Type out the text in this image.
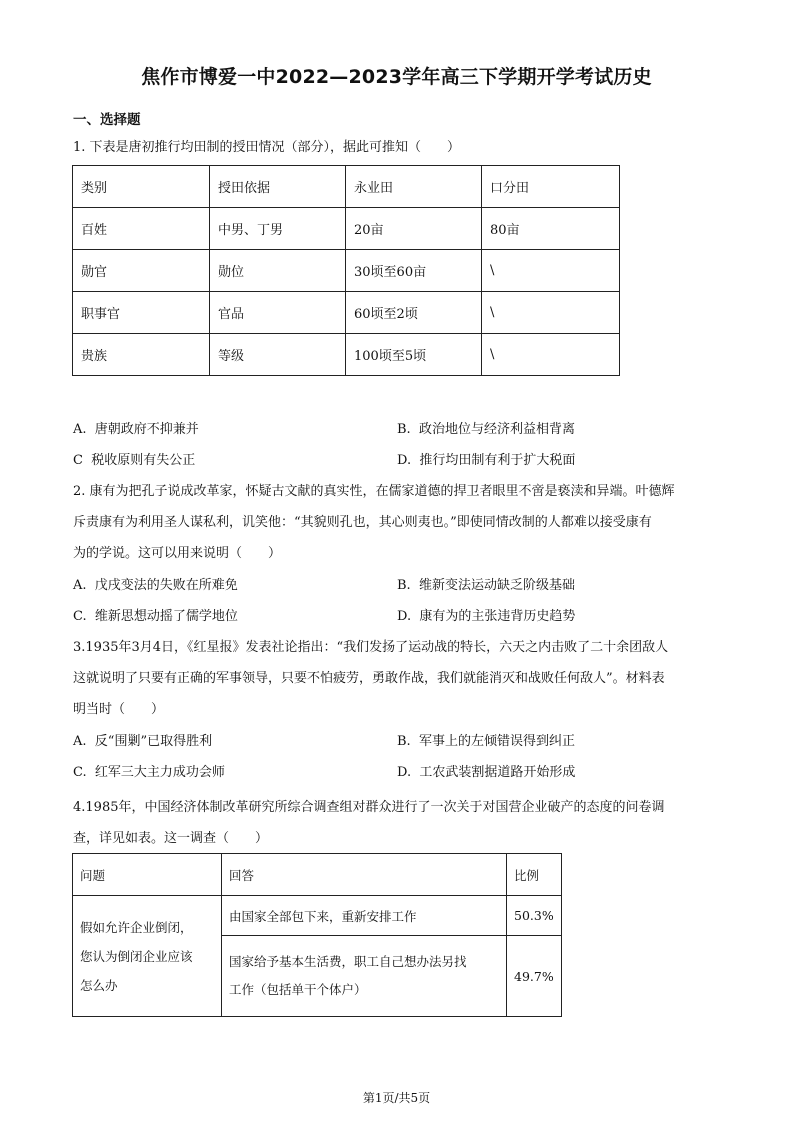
焦作市博爱一中2022—2023学年高三下学期开学考试历史
一、选择题

1. 下表是唐初推行均田制的授田情况（部分），据此可推知（　　）

类别	授田依据	永业田	口分田
百姓	中男、丁男	20亩	80亩
勋官	勋位	30顷至60亩	\
职事官	官品	60顷至2顷	\
贵族	等级	100顷至5顷	\
A. 唐朝政府不抑兼并	B. 政治地位与经济利益相背离
C 税收原则有失公正	D. 推行均田制有利于扩大税面

2. 康有为把孔子说成改革家，怀疑古文献的真实性，在儒家道德的捍卫者眼里不啻是亵渎和异端。叶德辉

斥责康有为利用圣人谋私利，讥笑他：“其貌则孔也，其心则夷也。”即使同情改制的人都难以接受康有

为的学说。这可以用来说明（　　）

A. 戊戌变法的失败在所难免	B. 维新变法运动缺乏阶级基础
C. 维新思想动摇了儒学地位	D. 康有为的主张违背历史趋势

3.1935年3月4日，《红星报》发表社论指出：“我们发扬了运动战的特长，六天之内击败了二十余团敌人

这就说明了只要有正确的军事领导，只要不怕疲劳，勇敢作战，我们就能消灭和战败任何敌人”。材料表

明当时（　　）

A. 反“围剿”已取得胜利	B. 军事上的左倾错误得到纠正
C. 红军三大主力成功会师	D. 工农武装割据道路开始形成

4.1985年，中国经济体制改革研究所综合调查组对群众进行了一次关于对国营企业破产的态度的问卷调

查，详见如表。这一调查（　　）

问题	回答	比例

假如允许企业倒闭，
您认为倒闭企业应该
怎么办	由国家全部包下来，重新安排工作	50.3%

	国家给予基本生活费，职工自己想办法另找
工作（包括单干个体户）	49.7%
第1页/共5页
